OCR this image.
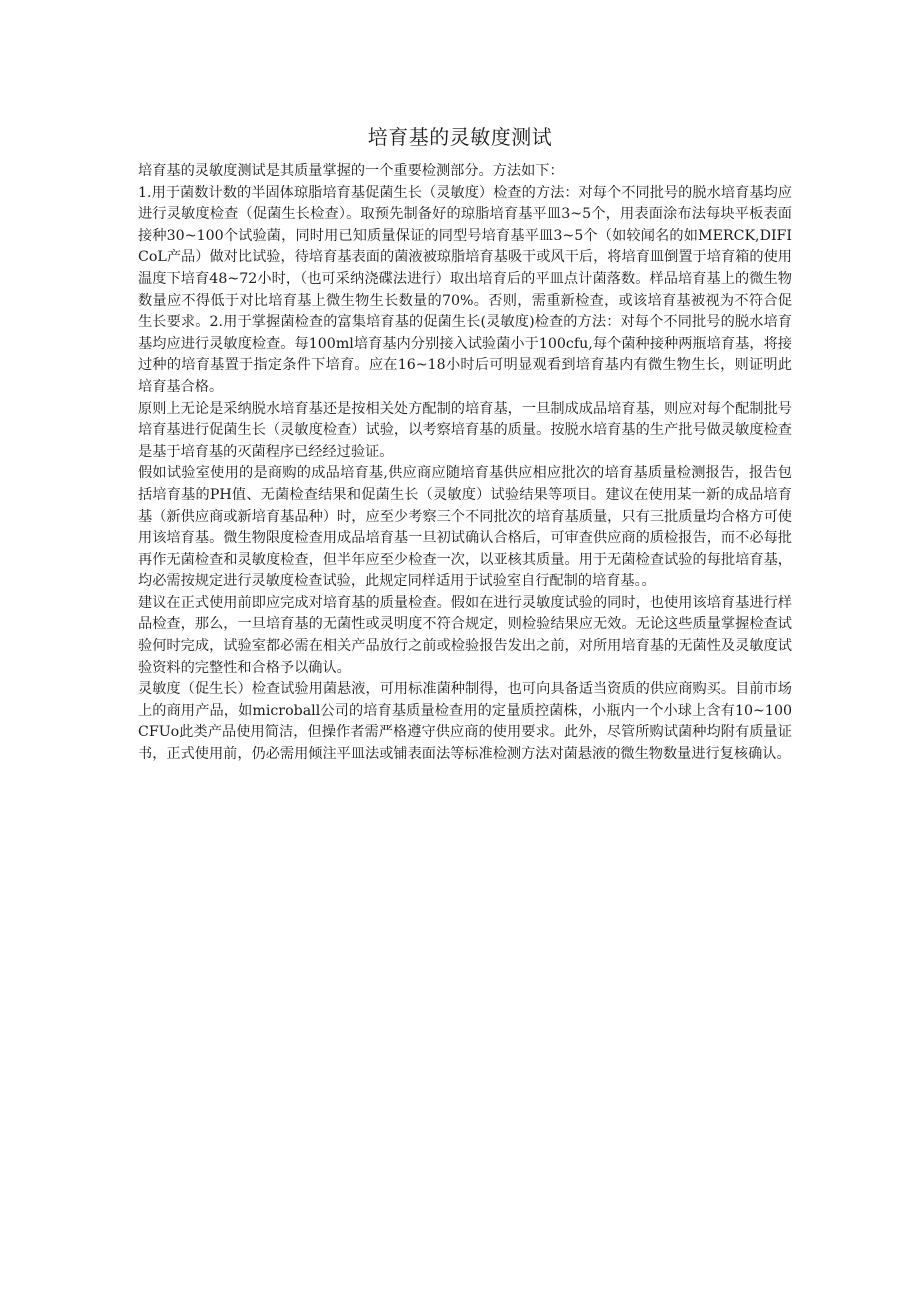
培育基的灵敏度测试

培育基的灵敏度测试是其质量掌握的一个重要检测部分。方法如下：

1.用于菌数计数的半固体琼脂培育基促菌生长（灵敏度）检查的方法：对每个不同批号的脱水培育基均应进行灵敏度检查（促菌生长检查）。取预先制备好的琼脂培育基平皿3~5个，用表面涂布法每块平板表面接种30~100个试验菌，同时用已知质量保证的同型号培育基平皿3~5个（如较闻名的如MERCK,DIFICoL产品）做对比试验，待培育基表面的菌液被琼脂培育基吸干或风干后，将培育皿倒置于培育箱的使用温度下培育48~72小时，（也可采纳浇碟法进行）取出培育后的平皿点计菌落数。样品培育基上的微生物数量应不得低于对比培育基上微生物生长数量的70%。否则，需重新检查，或该培育基被视为不符合促生长要求。2.用于掌握菌检查的富集培育基的促菌生长(灵敏度)检查的方法：对每个不同批号的脱水培育基均应进行灵敏度检查。每100ml培育基内分别接入试验菌小于100cfu,每个菌种接种两瓶培育基，将接过种的培育基置于指定条件下培育。应在16~18小时后可明显观看到培育基内有微生物生长，则证明此培育基合格。

原则上无论是采纳脱水培育基还是按相关处方配制的培育基，一旦制成成品培育基，则应对每个配制批号培育基进行促菌生长（灵敏度检查）试验，以考察培育基的质量。按脱水培育基的生产批号做灵敏度检查是基于培育基的灭菌程序已经经过验证。

假如试验室使用的是商购的成品培育基,供应商应随培育基供应相应批次的培育基质量检测报告，报告包括培育基的PH值、无菌检查结果和促菌生长（灵敏度）试验结果等项目。建议在使用某一新的成品培育基（新供应商或新培育基品种）时，应至少考察三个不同批次的培育基质量，只有三批质量均合格方可使用该培育基。微生物限度检查用成品培育基一旦初试确认合格后，可审查供应商的质检报告，而不必每批再作无菌检查和灵敏度检查，但半年应至少检查一次，以亚核其质量。用于无菌检查试验的每批培育基，均必需按规定进行灵敏度检查试验，此规定同样适用于试验室自行配制的培育基。。

建议在正式使用前即应完成对培育基的质量检查。假如在进行灵敏度试验的同时，也使用该培育基进行样品检查，那么，一旦培育基的无菌性或灵明度不符合规定，则检验结果应无效。无论这些质量掌握检查试验何时完成，试验室都必需在相关产品放行之前或检验报告发出之前，对所用培育基的无菌性及灵敏度试验资料的完整性和合格予以确认。

灵敏度（促生长）检查试验用菌悬液，可用标准菌种制得，也可向具备适当资质的供应商购买。目前市场上的商用产品，如microball公司的培育基质量检查用的定量质控菌株，小瓶内一个小球上含有10~100CFUo此类产品使用简洁，但操作者需严格遵守供应商的使用要求。此外，尽管所购试菌种均附有质量证书，正式使用前，仍必需用倾注平皿法或铺表面法等标准检测方法对菌悬液的微生物数量进行复核确认。
